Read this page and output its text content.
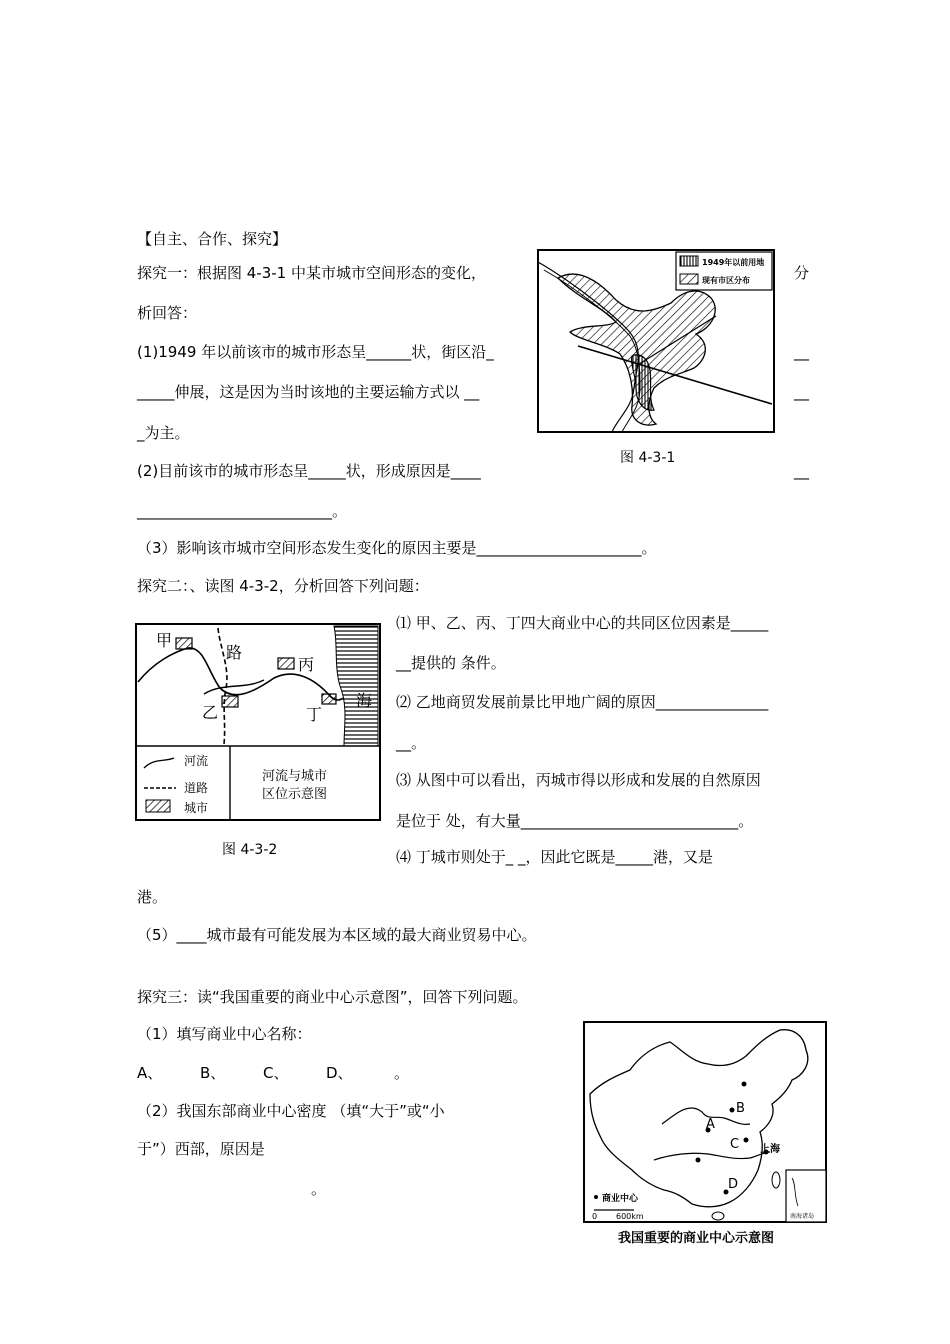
【自主、合作、探究】
探究一：根据图 4-3-1 中某市城市空间形态的变化，	分
析回答：
(1)1949 年以前该市的城市形态呈______状，街区沿_	__
_____伸展，这是因为当时该地的主要运输方式以 __	__
_为主。
(2)目前该市的城市形态呈_____状，形成原因是____	__
__________________________。
（3）影响该市城市空间形态发生变化的原因主要是______________________。
1949年以前用地
现有市区分布
图 4-3-1
探究二：、读图 4-3-2，分析回答下列问题：
⑴ 甲、乙、丙、丁四大商业中心的共同区位因素是_____
__提供的 条件。
⑵ 乙地商贸发展前景比甲地广阔的原因_______________
__。
⑶ 从图中可以看出，丙城市得以形成和发展的自然原因
是位于 处，有大量_____________________________。
⑷ 丁城市则处于_ _，因此它既是_____港，又是
港。
（5）____城市最有可能发展为本区域的最大商业贸易中心。
甲
路
丙
乙	丁
海
河流
道路
城市
河流与城市
区位示意图
图 4-3-2
探究三：读“我国重要的商业中心示意图”，回答下列问题。
（1）填写商业中心名称：
A、	B、	C、	D、	。
（2）我国东部商业中心密度 （填“大于”或“小
于”）西部，原因是
。
B
A
C 上海
D
商业中心
0 600km	南海诸岛
我国重要的商业中心示意图
